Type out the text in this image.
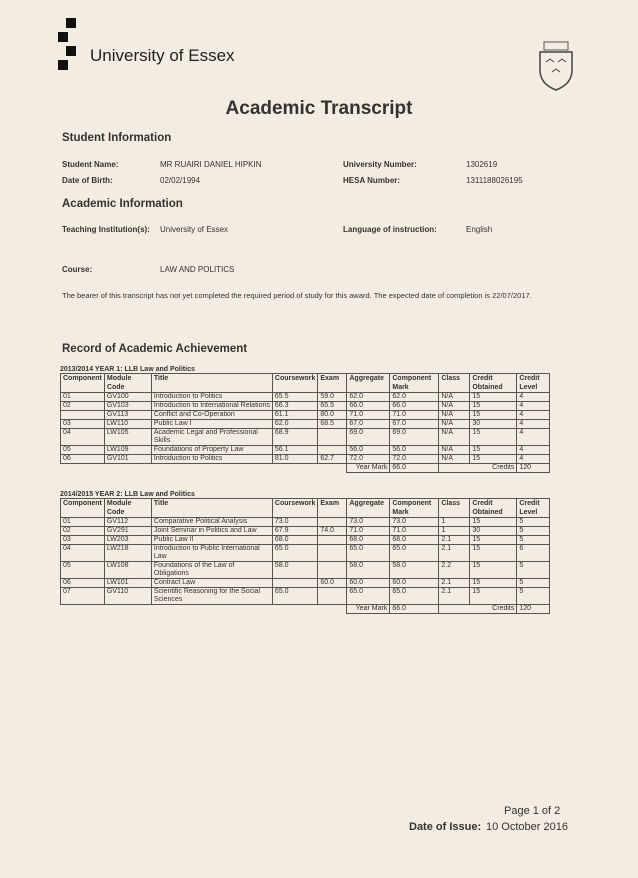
University of Essex
Academic Transcript
Student Information
Student Name:	MR RUAIRI DANIEL HIPKIN	University Number:	1302619
Date of Birth:	02/02/1994	HESA Number:	1311188026195
Academic Information
Teaching Institution(s): University of Essex	Language of instruction:	English
Course:	LAW AND POLITICS
The bearer of this transcript has not yet completed the required period of study for this award. The expected date of completion is 22/07/2017.
Record of Academic Achievement
2013/2014 YEAR 1: LLB Law and Politics
Component	Module Code	Title	Coursework	Exam	Aggregate	Component Mark	Class	Credit Obtained	Credit Level	
01	GV100	Introduction to Politics	65.5	59.0	62.0	62.0	N/A	15	4	
02	GV103	Introduction to International Relations	66.3	65.5	66.0	66.0	N/A	15	4	
	GV113	Conflict and Co-Operation	61.1	80.0	71.0	71.0	N/A	15	4	
03	LW110	Public Law I	62.0	68.5	67.0	67.0	N/A	30	4	
04	LW105	Academic Legal and Professional Skills	68.9		69.0	69.0	N/A	15	4	
05	LW109	Foundations of Property Law	56.1		56.0	56.0	N/A	15	4	
06	GV101	Introduction to Politics	81.0	62.7	72.0	72.0	N/A	15	4	
					Year Mark	66.0	Credits		120	
2014/2015 YEAR 2: LLB Law and Politics
Component	Module Code	Title	Coursework	Exam	Aggregate	Component Mark	Class	Credit Obtained	Credit Level	
01	GV112	Comparative Political Analysis	73.0		73.0	73.0	1	15	5	
02	GV291	Joint Seminar in Politics and Law	67.9	74.0	71.0	71.0	1	30	5	
03	LW203	Public Law II	68.0		68.0	68.0	2.1	15	5	
04	LW218	Introduction to Public International Law	65.0		65.0	65.0	2.1	15	6	
05	LW108	Foundations of the Law of Obligations	58.0		58.0	58.0	2.2	15	5	
06	LW101	Contract Law		60.0	60.0	60.0	2.1	15	5	
07	GV110	Scientific Reasoning for the Social Sciences	65.0		65.0	65.0	2.1	15	5	
					Year Mark	66.0	Credits		120	
Page 1 of 2
Date of Issue: 10 October 2016
